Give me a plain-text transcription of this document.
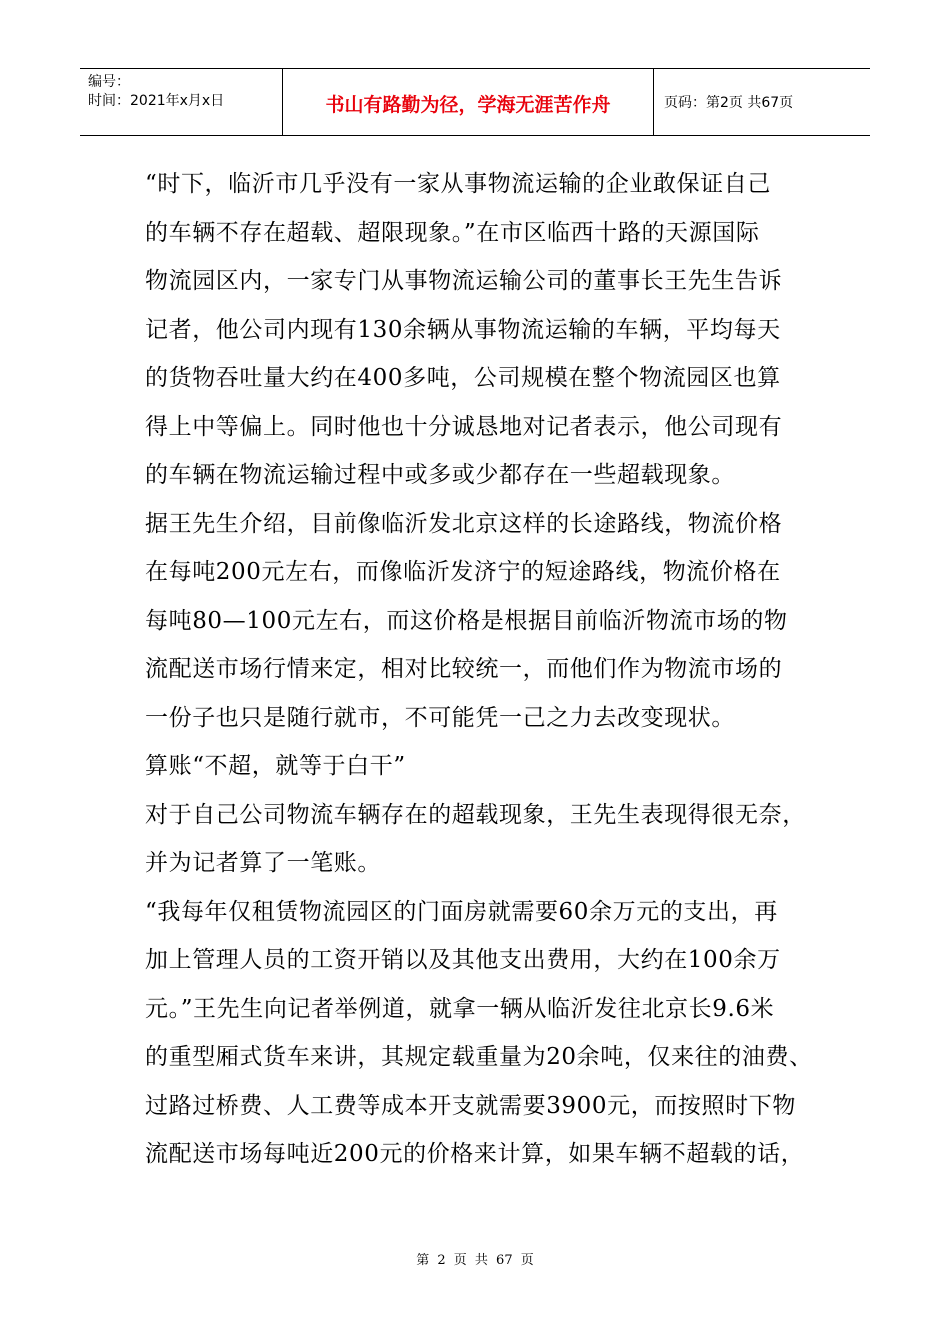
编号：
时间：2021年x月x日	书山有路勤为径，学海无涯苦作舟	页码：第2页 共67页

“时下，临沂市几乎没有一家从事物流运输的企业敢保证自己

的车辆不存在超载、超限现象。”在市区临西十路的天源国际

物流园区内，一家专门从事物流运输公司的董事长王先生告诉

记者，他公司内现有130余辆从事物流运输的车辆，平均每天

的货物吞吐量大约在400多吨，公司规模在整个物流园区也算

得上中等偏上。同时他也十分诚恳地对记者表示，他公司现有

的车辆在物流运输过程中或多或少都存在一些超载现象。

据王先生介绍，目前像临沂发北京这样的长途路线，物流价格

在每吨200元左右，而像临沂发济宁的短途路线，物流价格在

每吨80—100元左右，而这价格是根据目前临沂物流市场的物

流配送市场行情来定，相对比较统一，而他们作为物流市场的

一份子也只是随行就市，不可能凭一己之力去改变现状。

算账“不超，就等于白干”

对于自己公司物流车辆存在的超载现象，王先生表现得很无奈，

并为记者算了一笔账。

“我每年仅租赁物流园区的门面房就需要60余万元的支出，再

加上管理人员的工资开销以及其他支出费用，大约在100余万

元。”王先生向记者举例道，就拿一辆从临沂发往北京长9.6米

的重型厢式货车来讲，其规定载重量为20余吨，仅来往的油费、

过路过桥费、人工费等成本开支就需要3900元，而按照时下物

流配送市场每吨近200元的价格来计算，如果车辆不超载的话，

第 2 页 共 67 页
